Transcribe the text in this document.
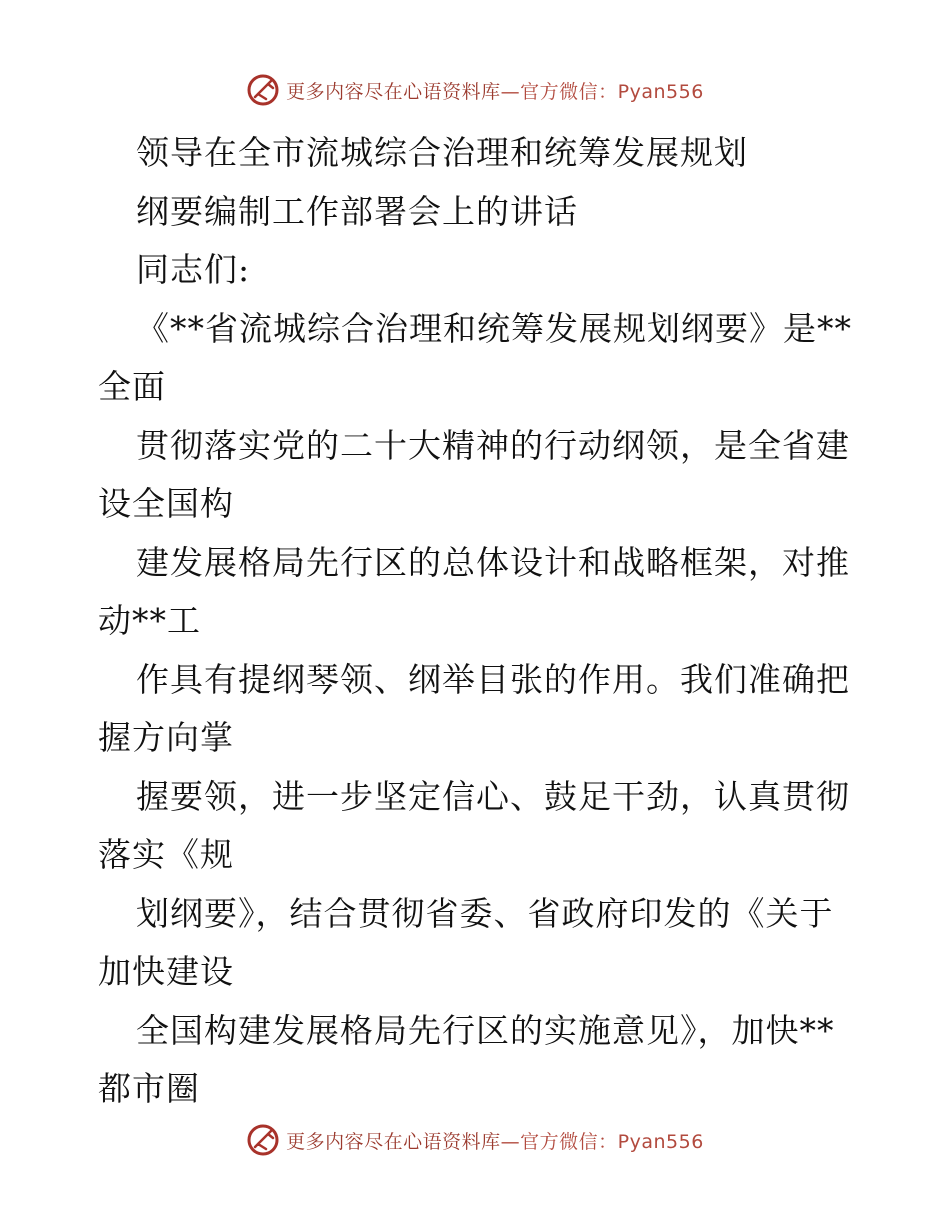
更多内容尽在心语资料库—官方微信：Pyan556
领导在全市流城综合治理和统筹发展规划
纲要编制工作部署会上的讲话
同志们:
《**省流城综合治理和统筹发展规划纲要》是**
全面
贯彻落实党的二十大精神的行动纲领，是全省建
设全国构
建发展格局先行区的总体设计和战略框架，对推
动**工
作具有提纲琴领、纲举目张的作用。我们准确把
握方向掌
握要领，进一步坚定信心、鼓足干劲，认真贯彻
落实《规
划纲要》，结合贯彻省委、省政府印发的《关于
加快建设
全国构建发展格局先行区的实施意见》，加快**
都市圈
更多内容尽在心语资料库—官方微信：Pyan556
